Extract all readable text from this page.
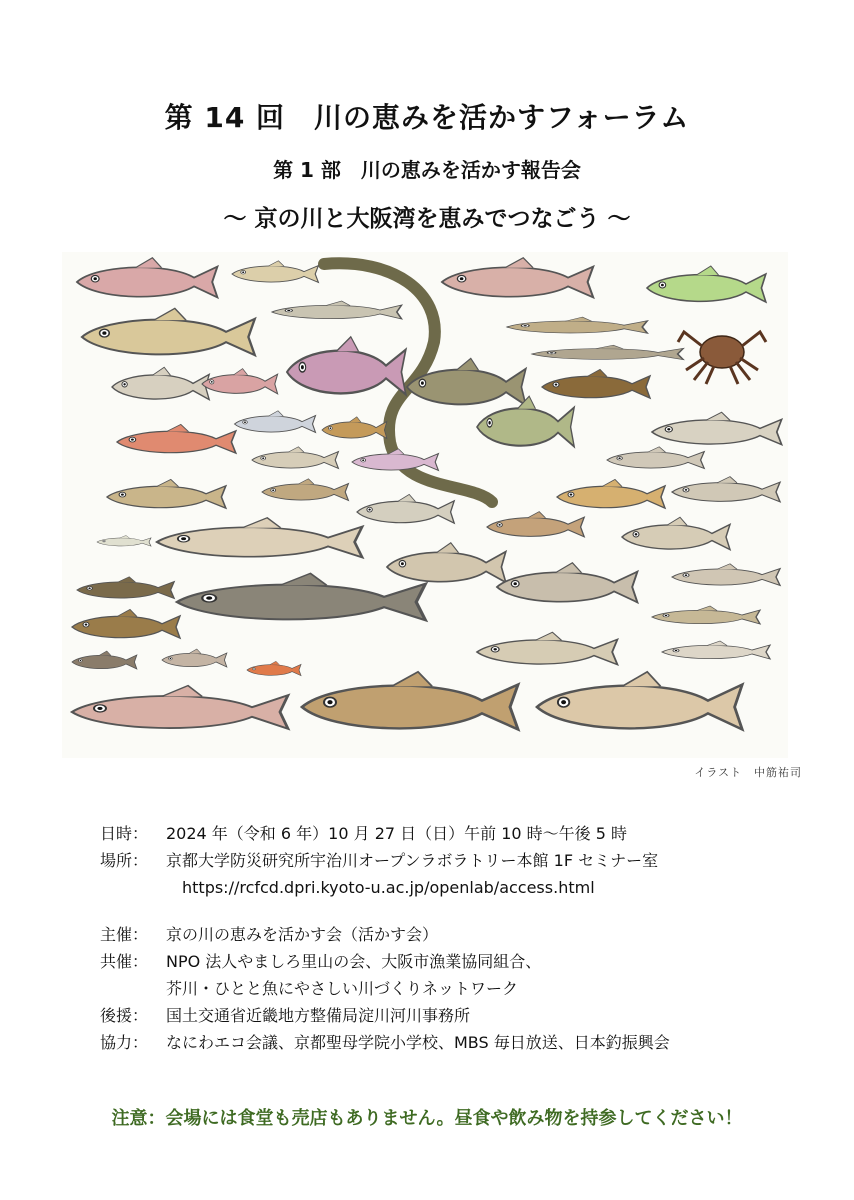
第 14 回　川の恵みを活かすフォーラム
第 1 部　川の恵みを活かす報告会
～ 京の川と大阪湾を恵みでつなごう ～
イラスト　中筋祐司
日時：	2024 年（令和 6 年）10 月 27 日（日）午前 10 時～午後 5 時
場所：	京都大学防災研究所宇治川オープンラボラトリー本館 1F セミナー室
https://rcfcd.dpri.kyoto-u.ac.jp/openlab/access.html
主催：	京の川の恵みを活かす会（活かす会）
共催：	NPO 法人やましろ里山の会、大阪市漁業協同組合、
芥川・ひとと魚にやさしい川づくりネットワーク
後援：	国土交通省近畿地方整備局淀川河川事務所
協力：	なにわエコ会議、京都聖母学院小学校、MBS 毎日放送、日本釣振興会
注意：会場には食堂も売店もありません。昼食や飲み物を持参してください！
